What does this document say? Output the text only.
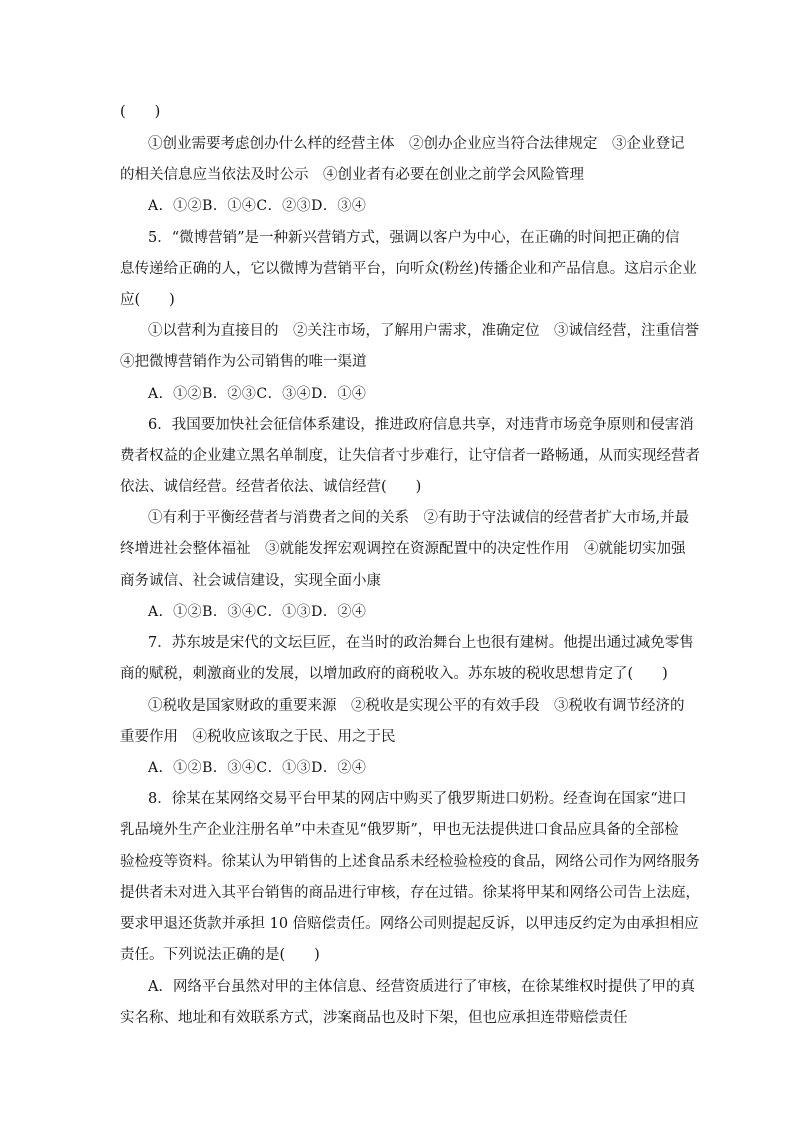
(　　)
①创业需要考虑创办什么样的经营主体　②创办企业应当符合法律规定　③企业登记
的相关信息应当依法及时公示　④创业者有必要在创业之前学会风险管理
A．①②B．①④C．②③D．③④
5．“微博营销”是一种新兴营销方式，强调以客户为中心，在正确的时间把正确的信
息传递给正确的人，它以微博为营销平台，向听众(粉丝)传播企业和产品信息。这启示企业
应(　　)
①以营利为直接目的　②关注市场，了解用户需求，准确定位　③诚信经营，注重信誉
④把微博营销作为公司销售的唯一渠道
A．①②B．②③C．③④D．①④
6．我国要加快社会征信体系建设，推进政府信息共享，对违背市场竞争原则和侵害消
费者权益的企业建立黑名单制度，让失信者寸步难行，让守信者一路畅通，从而实现经营者
依法、诚信经营。经营者依法、诚信经营(　　)
①有利于平衡经营者与消费者之间的关系　②有助于守法诚信的经营者扩大市场,并最
终增进社会整体福祉　③就能发挥宏观调控在资源配置中的决定性作用　④就能切实加强
商务诚信、社会诚信建设，实现全面小康
A．①②B．③④C．①③D．②④
7．苏东坡是宋代的文坛巨匠，在当时的政治舞台上也很有建树。他提出通过减免零售
商的赋税，刺激商业的发展，以增加政府的商税收入。苏东坡的税收思想肯定了(　　)
①税收是国家财政的重要来源　②税收是实现公平的有效手段　③税收有调节经济的
重要作用　④税收应该取之于民、用之于民
A．①②B．③④C．①③D．②④
8．徐某在某网络交易平台甲某的网店中购买了俄罗斯进口奶粉。经查询在国家“进口
乳品境外生产企业注册名单”中未查见“俄罗斯”，甲也无法提供进口食品应具备的全部检
验检疫等资料。徐某认为甲销售的上述食品系未经检验检疫的食品，网络公司作为网络服务
提供者未对进入其平台销售的商品进行审核，存在过错。徐某将甲某和网络公司告上法庭，
要求甲退还货款并承担 10 倍赔偿责任。网络公司则提起反诉，以甲违反约定为由承担相应
责任。下列说法正确的是(　　)
A．网络平台虽然对甲的主体信息、经营资质进行了审核，在徐某维权时提供了甲的真
实名称、地址和有效联系方式，涉案商品也及时下架，但也应承担连带赔偿责任
